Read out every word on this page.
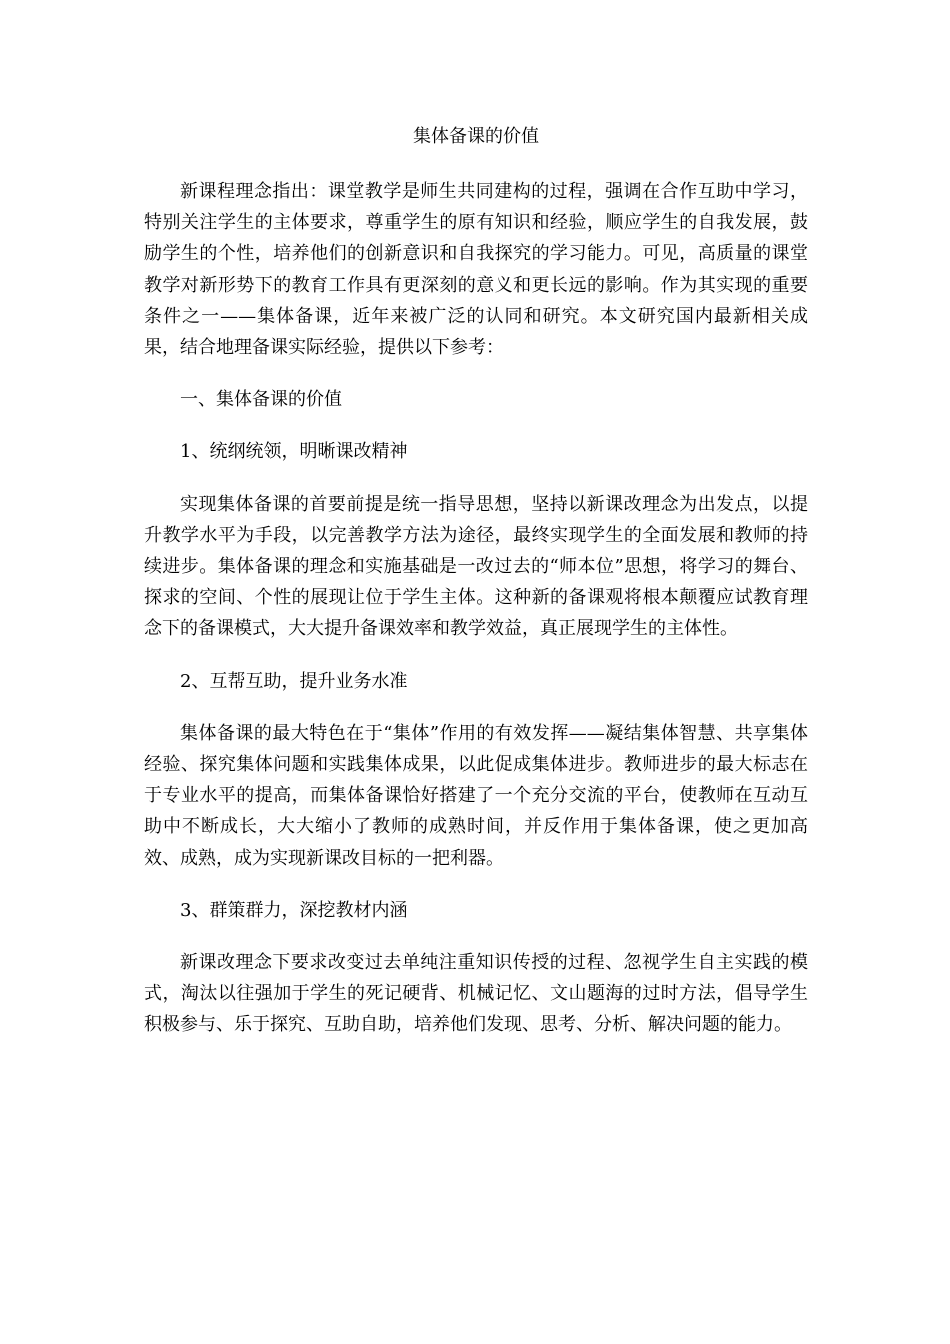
集体备课的价值

新课程理念指出：课堂教学是师生共同建构的过程，强调在合作互助中学习，特别关注学生的主体要求，尊重学生的原有知识和经验，顺应学生的自我发展，鼓励学生的个性，培养他们的创新意识和自我探究的学习能力。可见，高质量的课堂教学对新形势下的教育工作具有更深刻的意义和更长远的影响。作为其实现的重要条件之一——集体备课，近年来被广泛的认同和研究。本文研究国内最新相关成果，结合地理备课实际经验，提供以下参考：

一、集体备课的价值

1、统纲统领，明晰课改精神

实现集体备课的首要前提是统一指导思想，坚持以新课改理念为出发点，以提升教学水平为手段，以完善教学方法为途径，最终实现学生的全面发展和教师的持续进步。集体备课的理念和实施基础是一改过去的“师本位”思想，将学习的舞台、探求的空间、个性的展现让位于学生主体。这种新的备课观将根本颠覆应试教育理念下的备课模式，大大提升备课效率和教学效益，真正展现学生的主体性。

2、互帮互助，提升业务水准

集体备课的最大特色在于“集体”作用的有效发挥——凝结集体智慧、共享集体经验、探究集体问题和实践集体成果，以此促成集体进步。教师进步的最大标志在于专业水平的提高，而集体备课恰好搭建了一个充分交流的平台，使教师在互动互助中不断成长，大大缩小了教师的成熟时间，并反作用于集体备课，使之更加高效、成熟，成为实现新课改目标的一把利器。

3、群策群力，深挖教材内涵

新课改理念下要求改变过去单纯注重知识传授的过程、忽视学生自主实践的模式，淘汰以往强加于学生的死记硬背、机械记忆、文山题海的过时方法，倡导学生积极参与、乐于探究、互助自助，培养他们发现、思考、分析、解决问题的能力。
